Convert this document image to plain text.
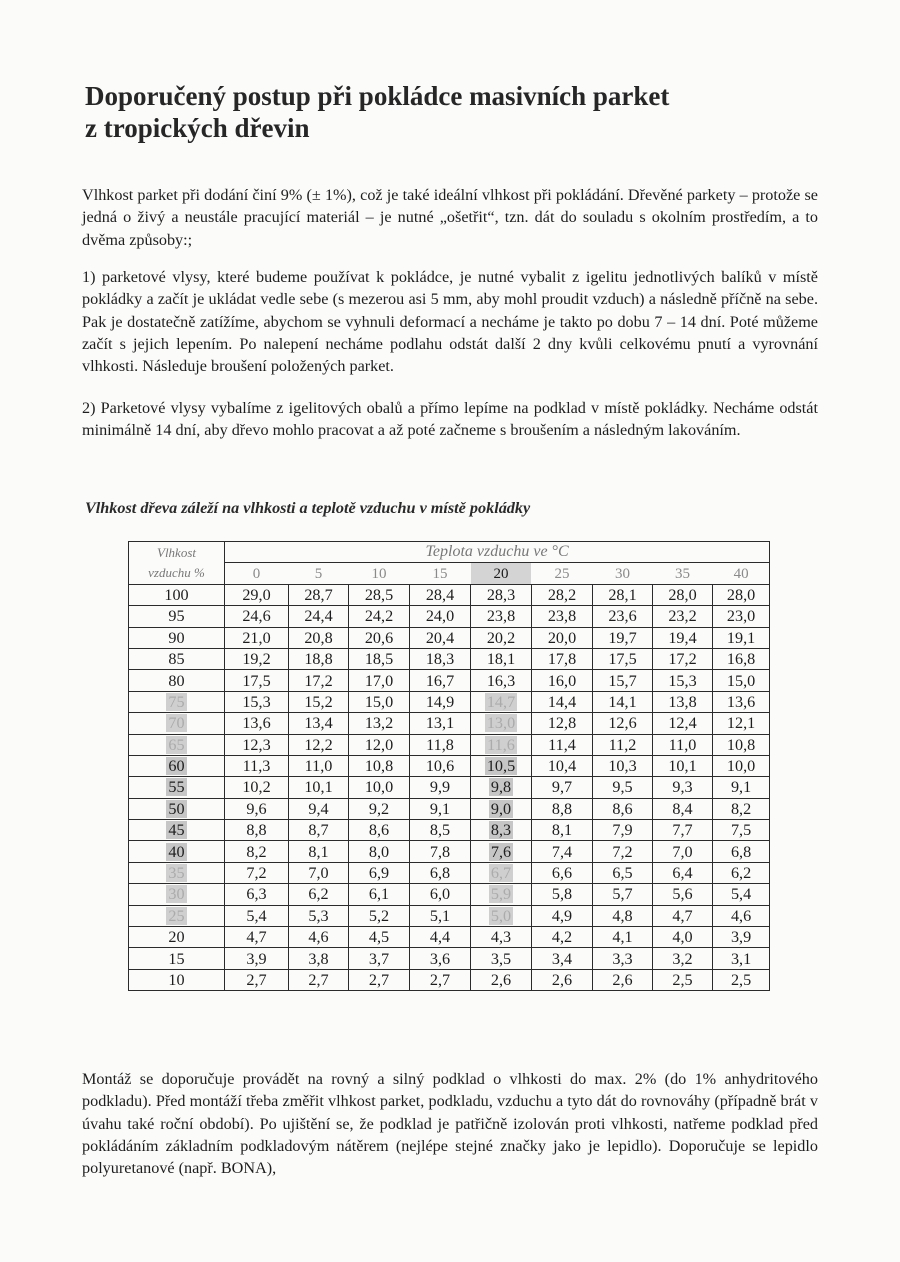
Doporučený postup při pokládce masivních parket
z tropických dřevin

Vlhkost parket při dodání činí 9% (± 1%), což je také ideální vlhkost při pokládání. Dřevěné parkety – protože se jedná o živý a neustále pracující materiál – je nutné „ošetřit“, tzn. dát do souladu s okolním prostředím, a to dvěma způsoby:;

1) parketové vlysy, které budeme používat k pokládce, je nutné vybalit z igelitu jednotlivých balíků v místě pokládky a začít je ukládat vedle sebe (s mezerou asi 5 mm, aby mohl proudit vzduch) a následně příčně na sebe. Pak je dostatečně zatížíme, abychom se vyhnuli deformací a necháme je takto po dobu 7 – 14 dní. Poté můžeme začít s jejich lepením. Po nalepení necháme podlahu odstát další 2 dny kvůli celkovému pnutí a vyrovnání vlhkosti. Následuje broušení položených parket.

2) Parketové vlysy vybalíme z igelitových obalů a přímo lepíme na podklad v místě pokládky. Necháme odstát minimálně 14 dní, aby dřevo mohlo pracovat a až poté začneme s broušením a následným lakováním.

Vlhkost dřeva záleží na vlhkosti a teplotě vzduchu v místě pokládky

Vlhkost
vzduchu %	Teplota vzduchu ve °C								
	0	5	10	15	20	25	30	35	40
100	29,0	28,7	28,5	28,4	28,3	28,2	28,1	28,0	28,0
95	24,6	24,4	24,2	24,0	23,8	23,8	23,6	23,2	23,0
90	21,0	20,8	20,6	20,4	20,2	20,0	19,7	19,4	19,1
85	19,2	18,8	18,5	18,3	18,1	17,8	17,5	17,2	16,8
80	17,5	17,2	17,0	16,7	16,3	16,0	15,7	15,3	15,0
75	15,3	15,2	15,0	14,9	14,7	14,4	14,1	13,8	13,6
70	13,6	13,4	13,2	13,1	13,0	12,8	12,6	12,4	12,1
65	12,3	12,2	12,0	11,8	11,6	11,4	11,2	11,0	10,8
60	11,3	11,0	10,8	10,6	10,5	10,4	10,3	10,1	10,0
55	10,2	10,1	10,0	9,9	9,8	9,7	9,5	9,3	9,1
50	9,6	9,4	9,2	9,1	9,0	8,8	8,6	8,4	8,2
45	8,8	8,7	8,6	8,5	8,3	8,1	7,9	7,7	7,5
40	8,2	8,1	8,0	7,8	7,6	7,4	7,2	7,0	6,8
35	7,2	7,0	6,9	6,8	6,7	6,6	6,5	6,4	6,2
30	6,3	6,2	6,1	6,0	5,9	5,8	5,7	5,6	5,4
25	5,4	5,3	5,2	5,1	5,0	4,9	4,8	4,7	4,6
20	4,7	4,6	4,5	4,4	4,3	4,2	4,1	4,0	3,9
15	3,9	3,8	3,7	3,6	3,5	3,4	3,3	3,2	3,1
10	2,7	2,7	2,7	2,7	2,6	2,6	2,6	2,5	2,5

Montáž se doporučuje provádět na rovný a silný podklad o vlhkosti do max. 2% (do 1% anhydritového podkladu). Před montáží třeba změřit vlhkost parket, podkladu, vzduchu a tyto dát do rovnováhy (případně brát v úvahu také roční období). Po ujištění se, že podklad je patřičně izolován proti vlhkosti, natřeme podklad před pokládáním základním podkladovým nátěrem (nejlépe stejné značky jako je lepidlo). Doporučuje se lepidlo polyuretanové (např. BONA),
